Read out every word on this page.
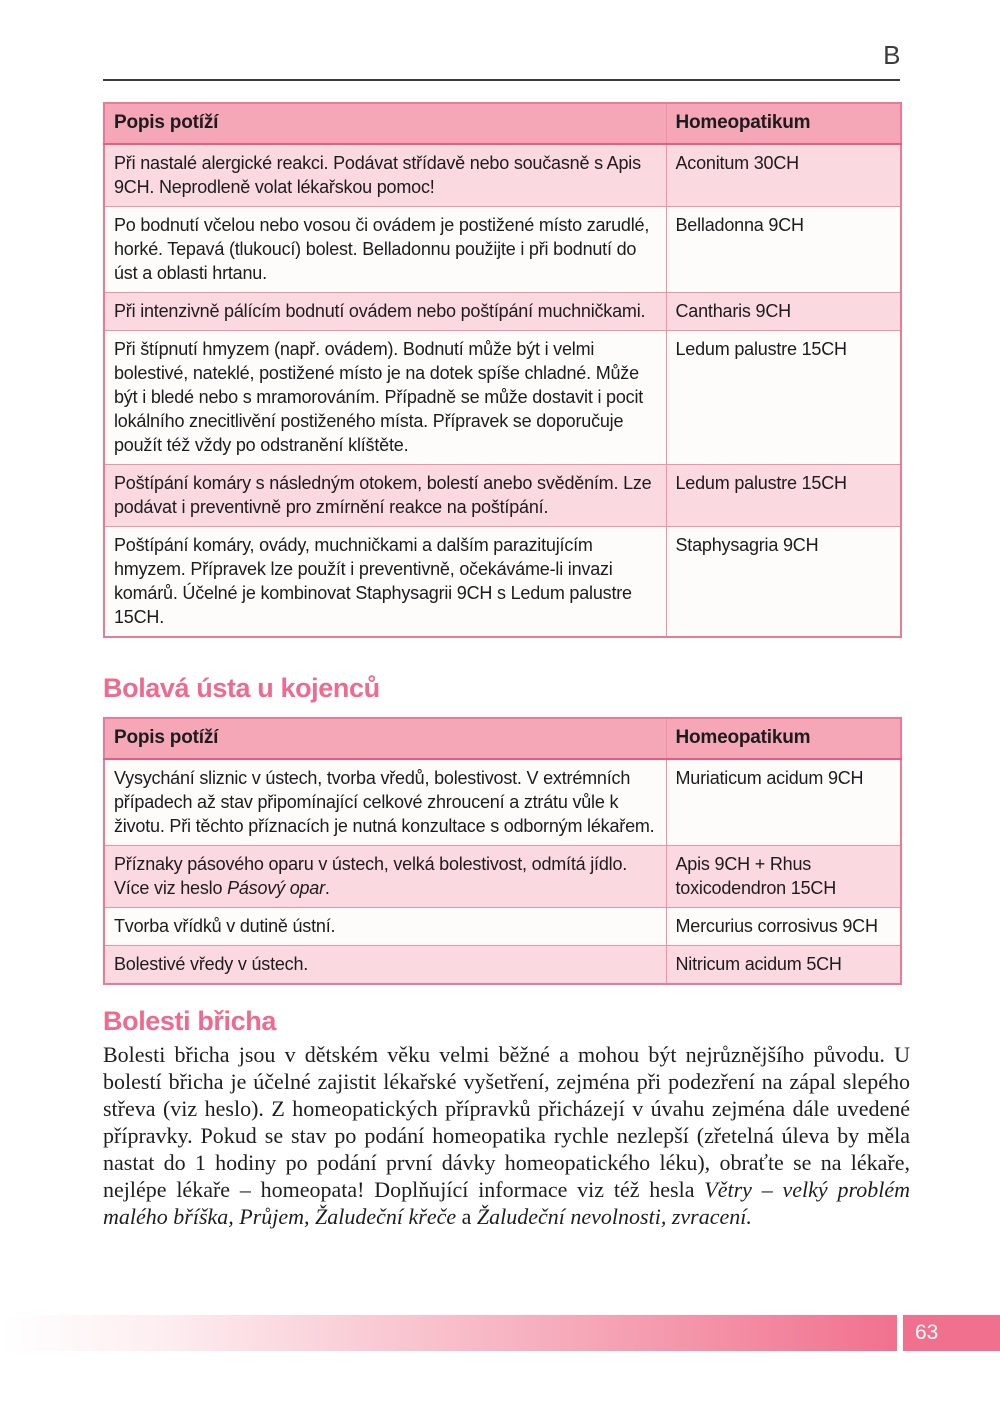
B
Popis potíží	Homeopatikum
Při nastalé alergické reakci. Podávat střídavě nebo současně s Apis 9CH. Neprodleně volat lékařskou pomoc!	Aconitum 30CH
Po bodnutí včelou nebo vosou či ovádem je postižené místo zarudlé, horké. Tepavá (tlukoucí) bolest. Belladonnu použijte i při bodnutí do úst a oblasti hrtanu.	Belladonna 9CH
Při intenzivně pálícím bodnutí ovádem nebo poštípání muchničkami.	Cantharis 9CH
Při štípnutí hmyzem (např. ovádem). Bodnutí může být i velmi bolestivé, nateklé, postižené místo je na dotek spíše chladné. Může být i bledé nebo s mramorováním. Případně se může dostavit i pocit lokálního znecitlivění postiženého místa. Přípravek se doporučuje použít též vždy po odstranění klíštěte.	Ledum palustre 15CH
Poštípání komáry s následným otokem, bolestí anebo svěděním. Lze podávat i preventivně pro zmírnění reakce na poštípání.	Ledum palustre 15CH
Poštípání komáry, ovády, muchničkami a dalším parazitujícím hmyzem. Přípravek lze použít i preventivně, očekáváme-li invazi komárů. Účelné je kombinovat Staphysagrii 9CH s Ledum palustre 15CH.	Staphysagria 9CH
Bolavá ústa u kojenců
Popis potíží	Homeopatikum
Vysychání sliznic v ústech, tvorba vředů, bolestivost. V extrémních případech až stav připomínající celkové zhroucení a ztrátu vůle k životu. Při těchto příznacích je nutná konzultace s odborným lékařem.	Muriaticum acidum 9CH
Příznaky pásového oparu v ústech, velká bolestivost, odmítá jídlo. Více viz heslo Pásový opar.	Apis 9CH + Rhus toxicodendron 15CH
Tvorba vřídků v dutině ústní.	Mercurius corrosivus 9CH
Bolestivé vředy v ústech.	Nitricum acidum 5CH
Bolesti břicha

Bolesti břicha jsou v dětském věku velmi běžné a mohou být nejrůznějšího původu. U bolestí břicha je účelné zajistit lékařské vyšetření, zejména při podezření na zápal slepého střeva (viz heslo). Z homeopatických přípravků přicházejí v úvahu zejména dále uvedené přípravky. Pokud se stav po podání homeopatika rychle nezlepší (zřetelná úleva by měla nastat do 1 hodiny po podání první dávky homeopatického léku), obraťte se na lékaře, nejlépe lékaře – homeopata! Doplňující informace viz též hesla Větry – velký problém malého bříška, Průjem, Žaludeční křeče a Žaludeční nevolnosti, zvracení.

63
